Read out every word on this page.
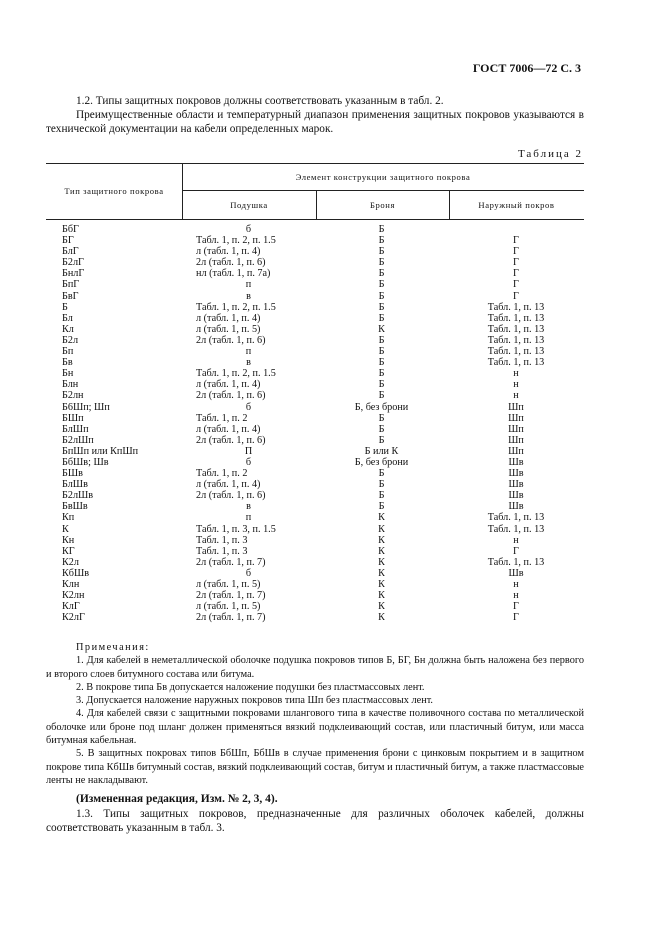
ГОСТ 7006—72 С. 3
1.2. Типы защитных покровов должны соответствовать указанным в табл. 2.
Преимущественные области и температурный диапазон применения защитных покровов указываются в технической документации на кабели определенных марок.
Таблица 2
Тип защитного покрова
Элемент конструкции защитного покрова
Подушка	Броня	Наружный покров
БбГ	б	Б
БГ	Табл. 1, п. 2, п. 1.5	Б	Г
БлГ	л (табл. 1, п. 4)	Б	Г
Б2лГ	2л (табл. 1, п. 6)	Б	Г
БнлГ	нл (табл. 1, п. 7а)	Б	Г
БпГ	п	Б	Г
БвГ	в	Б	Г
Б	Табл. 1, п. 2, п. 1.5	Б	Табл. 1, п. 13
Бл	л (табл. 1, п. 4)	Б	Табл. 1, п. 13
Кл	л (табл. 1, п. 5)	К	Табл. 1, п. 13
Б2л	2л (табл. 1, п. 6)	Б	Табл. 1, п. 13
Бп	п	Б	Табл. 1, п. 13
Бв	в	Б	Табл. 1, п. 13
Бн	Табл. 1, п. 2, п. 1.5	Б	н
Блн	л (табл. 1, п. 4)	Б	н
Б2лн	2л (табл. 1, п. 6)	Б	н
Б6Шп; Шп	б	Б, без брони	Шп
БШп	Табл. 1, п. 2	Б	Шп
БлШп	л (табл. 1, п. 4)	Б	Шп
Б2лШп	2л (табл. 1, п. 6)	Б	Шп
БпШп или КпШп	П	Б или К	Шп
БбШв; Шв	б	Б, без брони	Шв
БШв	Табл. 1, п. 2	Б	Шв
БлШв	л (табл. 1, п. 4)	Б	Шв
Б2лШв	2л (табл. 1, п. 6)	Б	Шв
БвШв	в	Б	Шв
Кп	п	К	Табл. 1, п. 13
К	Табл. 1, п. 3, п. 1.5	К	Табл. 1, п. 13
Кн	Табл. 1, п. 3	К	н
КГ	Табл. 1, п. 3	К	Г
К2л	2л (табл. 1, п. 7)	К	Табл. 1, п. 13
КбШв	б	К	Шв
Клн	л (табл. 1, п. 5)	К	н
К2лн	2л (табл. 1, п. 7)	К	н
КлГ	л (табл. 1, п. 5)	К	Г
К2лГ	2л (табл. 1, п. 7)	К	Г
Примечания:

1. Для кабелей в неметаллической оболочке подушка покровов типов Б, БГ, Бн должна быть наложена без первого и второго слоев битумного состава или битума.

2. В покрове типа Бв допускается наложение подушки без пластмассовых лент.

3. Допускается наложение наружных покровов типа Шп без пластмассовых лент.

4. Для кабелей связи с защитными покровами шлангового типа в качестве поливочного состава по металлической оболочке или броне под шланг должен применяться вязкий подклеивающий состав, или пластичный битум, или масса битумная кабельная.

5. В защитных покровах типов БбШп, БбШв в случае применения брони с цинковым покрытием и в защитном покрове типа КбШв битумный состав, вязкий подклеивающий состав, битум и пластичный битум, а также пластмассовые ленты не накладывают.

(Измененная редакция, Изм. № 2, 3, 4).
1.3. Типы защитных покровов, предназначенные для различных оболочек кабелей, должны соответствовать указанным в табл. 3.
